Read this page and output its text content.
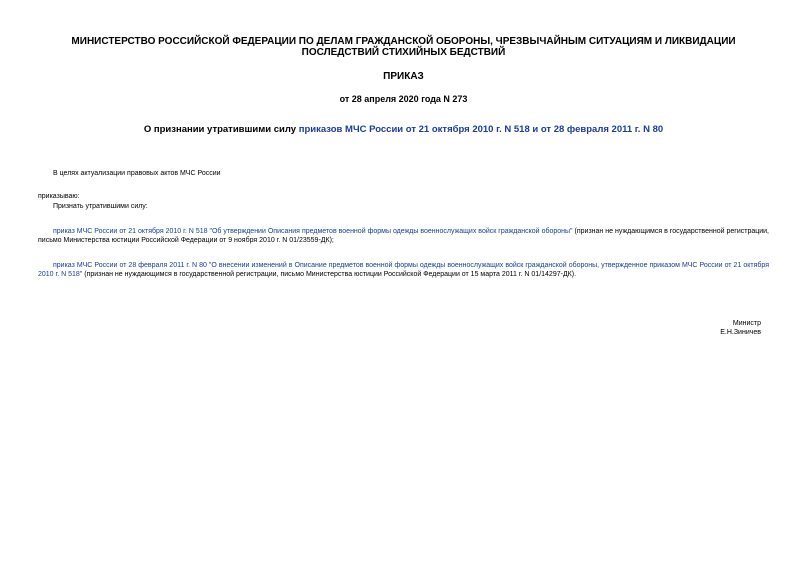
МИНИСТЕРСТВО РОССИЙСКОЙ ФЕДЕРАЦИИ ПО ДЕЛАМ ГРАЖДАНСКОЙ ОБОРОНЫ, ЧРЕЗВЫЧАЙНЫМ СИТУАЦИЯМ И ЛИКВИДАЦИИ ПОСЛЕДСТВИЙ СТИХИЙНЫХ БЕДСТВИЙ
ПРИКАЗ
от 28 апреля 2020 года N 273
О признании утратившими силу приказов МЧС России от 21 октября 2010 г. N 518 и от 28 февраля 2011 г. N 80
В целях актуализации правовых актов МЧС России
приказываю:
Признать утратившими силу:
приказ МЧС России от 21 октября 2010 г. N 518 "Об утверждении Описания предметов военной формы одежды военнослужащих войск гражданской обороны" (признан не нуждающимся в государственной регистрации, письмо Министерства юстиции Российской Федерации от 9 ноября 2010 г. N 01/23559-ДК);
приказ МЧС России от 28 февраля 2011 г. N 80 "О внесении изменений в Описание предметов военной формы одежды военнослужащих войск гражданской обороны, утвержденное приказом МЧС России от 21 октября 2010 г. N 518" (признан не нуждающимся в государственной регистрации, письмо Министерства юстиции Российской Федерации от 15 марта 2011 г. N 01/14297-ДК).
Министр
Е.Н.Зиничев
